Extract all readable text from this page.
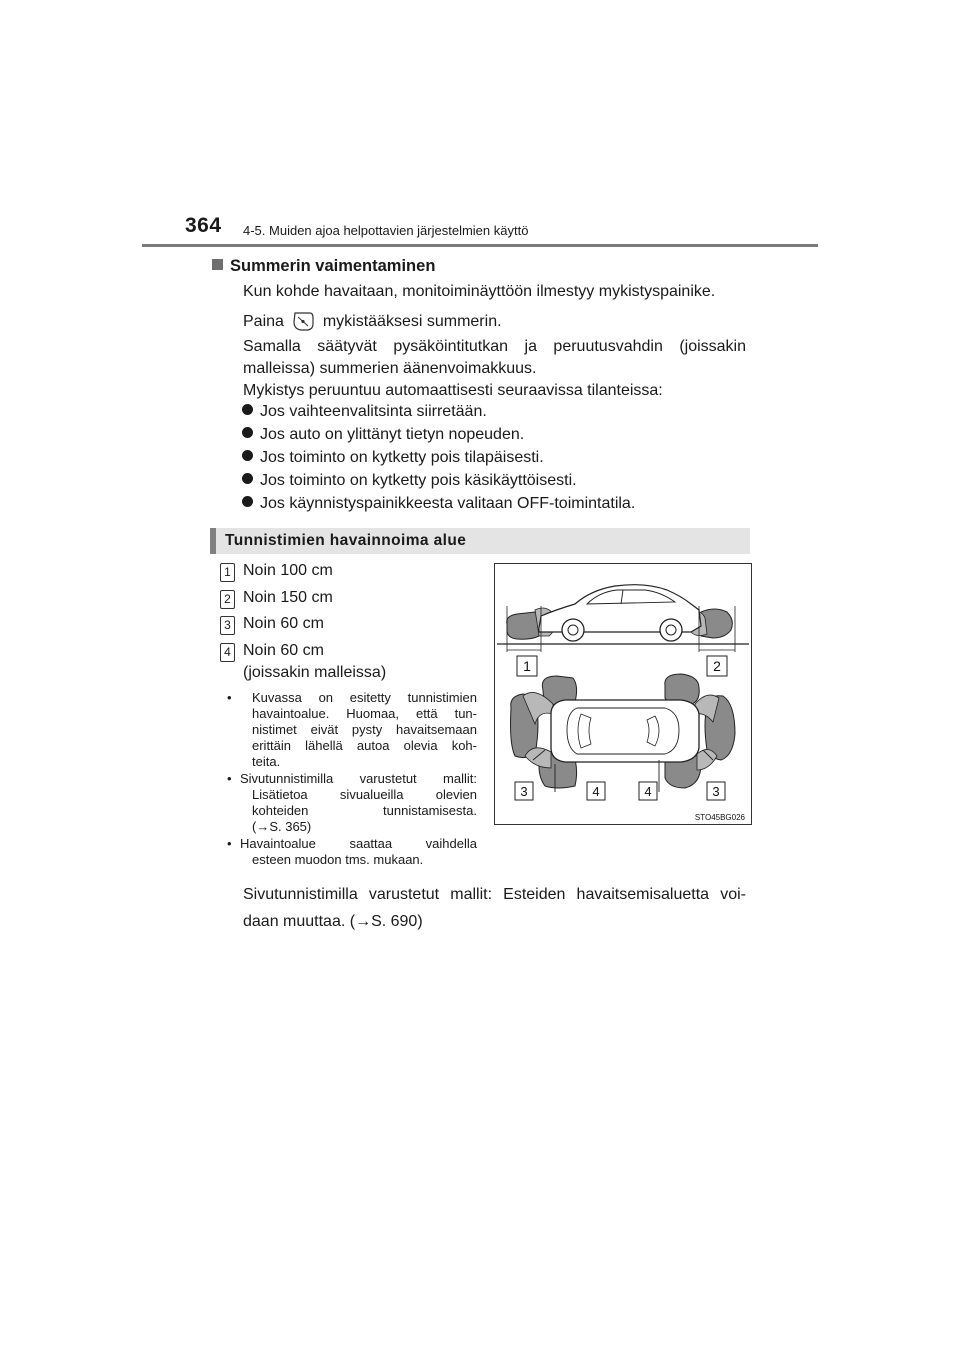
364 4-5. Muiden ajoa helpottavien järjestelmien käyttö
Summerin vaimentaminen
Kun kohde havaitaan, monitoiminäyttöön ilmestyy mykistyspainike.
Paina mykistääksesi summerin.
Samalla säätyvät pysäköintitutkan ja peruutusvahdin (joissakin
malleissa) summerien äänenvoimakkuus.
Mykistys peruuntuu automaattisesti seuraavissa tilanteissa:
Jos vaihteenvalitsinta siirretään.
Jos auto on ylittänyt tietyn nopeuden.
Jos toiminto on kytketty pois tilapäisesti.
Jos toiminto on kytketty pois käsikäyttöisesti.
Jos käynnistyspainikkeesta valitaan OFF-toimintatila.
Tunnistimien havainnoima alue
1 Noin 100 cm
2 Noin 150 cm
3 Noin 60 cm
4 Noin 60 cm
(joissakin malleissa)
• Kuvassa on esitetty tunnistimien
havaintoalue. Huomaa, että tun-
nistimet eivät pysty havaitsemaan
erittäin lähellä autoa olevia koh-
teita.
• Sivutunnistimilla varustetut mallit:
Lisätietoa sivualueilla olevien
kohteiden tunnistamisesta.
(→S. 365)
• Havaintoalue saattaa vaihdella
esteen muodon tms. mukaan.
1	2
3	4	4	3
STO45BG026
Sivutunnistimilla varustetut mallit: Esteiden havaitsemisaluetta voi-
daan muuttaa. (→S. 690)
